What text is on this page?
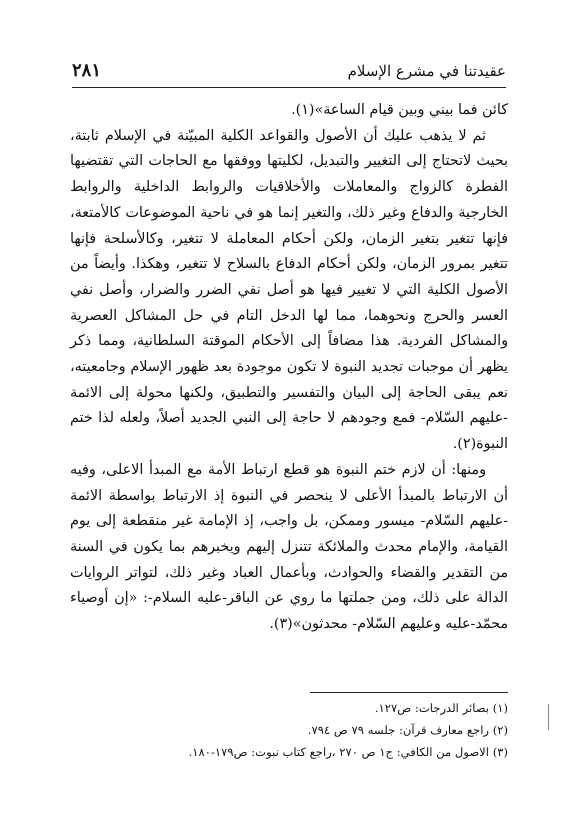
عقيدتنا في مشرع الإسلام
٢٨١

كائن فما بيني وبين قيام الساعة»(١).

ثم لا يذهب عليك أن الأصول والقواعد الكلية المبيّنة في الإسلام ثابتة، بحيث لاتحتاج إلى التغيير والتبديل، لكليتها ووفقها مع الحاجات التي تقتضيها الفطرة كالزواج والمعاملات والأخلاقيات والروابط الداخلية والروابط الخارجية والدفاع وغير ذلك، والتغير إنما هو في ناحية الموضوعات كالأمتعة، فإنها تتغير بتغير الزمان، ولكن أحكام المعاملة لا تتغير، وكالأسلحة فإنها تتغير بمرور الزمان، ولكن أحكام الدفاع بالسلاح لا تتغير، وهكذا. وأيضاً من الأصول الكلية التي لا تغيير فيها هو أصل نفي الضرر والضرار، وأصل نفي العسر والحرج ونحوهما، مما لها الدخل التام في حل المشاكل العصرية والمشاكل الفردية. هذا مضافاً إلى الأحكام الموقتة السلطانية، ومما ذكر يظهر أن موجبات تجديد النبوة لا تكون موجودة بعد ظهور الإسلام وجامعيته، نعم يبقى الحاجة إلى البيان والتفسير والتطبيق، ولكنها محولة إلى الائمة -عليهم السّلام- فمع وجودهم لا حاجة إلى النبي الجديد أصلاً، ولعله لذا ختم النبوة(٢).

ومنها: أن لازم ختم النبوة هو قطع ارتباط الأمة مع المبدأ الاعلى، وفيه أن الارتباط بالمبدأ الأعلى لا ينحصر في النبوة إذ الارتباط بواسطة الائمة -عليهم السّلام- ميسور وممكن، بل واجب، إذ الإمامة غير منقطعة إلى يوم القيامة، والإمام محدث والملائكة تتنزل إليهم ويخبرهم بما يكون في السنة من التقدير والقضاء والحوادث، وبأعمال العباد وغير ذلك، لتواتر الروايات الدالة على ذلك، ومن جملتها ما روي عن الباقر-عليه السلام-: «إن أوصياء محمّد-عليه وعليهم السّلام- محدثون»(٣).

(١) بصائر الدرجات: ص١٢٧.
(٢) راجع معارف قرآن: جلسه ٧٩ ص ٧٩٤.
(٣) الاصول من الكافي: ج١ ص ٢٧٠ ،راجع كتاب نبوت: ص١٧٩-١٨٠.
